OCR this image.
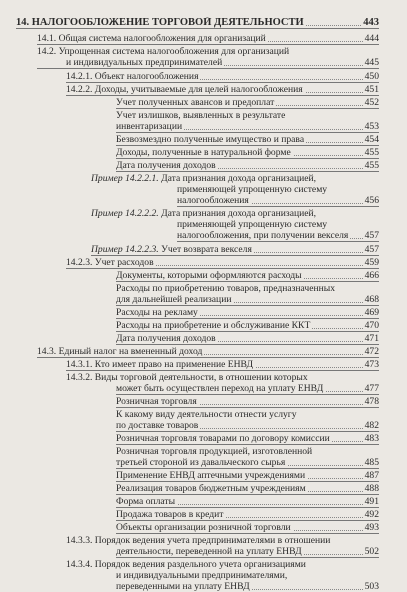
14. НАЛОГООБЛОЖЕНИЕ ТОРГОВОЙ ДЕЯТЕЛЬНОСТИ	443
14.1. Общая система налогообложения для организаций	444
14.2. Упрощенная система налогообложения для организаций
и индивидуальных предпринимателей	445
14.2.1. Объект налогообложения	450
14.2.2. Доходы, учитываемые для целей налогообложения	451
Учет полученных авансов и предоплат	452
Учет излишков, выявленных в результате
инвентаризации	453
Безвозмездно полученные имущество и права	454
Доходы, полученные в натуральной форме	455
Дата получения доходов	455
Пример 14.2.2.1. Дата признания дохода организацией,
применяющей упрощенную систему
налогообложения	456
Пример 14.2.2.2. Дата признания дохода организацией,
применяющей упрощенную систему
налогообложения, при получении векселя 457
Пример 14.2.2.3. Учет возврата векселя	457
14.2.3. Учет расходов	459
Документы, которыми оформляются расходы	466
Расходы по приобретению товаров, предназначенных
для дальнейшей реализации	468
Расходы на рекламу	469
Расходы на приобретение и обслуживание ККТ	470
Дата получения доходов	471
14.3. Единый налог на вмененный доход	472
14.3.1. Кто имеет право на применение ЕНВД	473
14.3.2. Виды торговой деятельности, в отношении которых
может быть осуществлен переход на уплату ЕНВД	477
Розничная торговля	478
К какому виду деятельности отнести услугу
по доставке товаров	482
Розничная торговля товарами по договору комиссии	483
Розничная торговля продукцией, изготовленной
третьей стороной из давальческого сырья	485
Применение ЕНВД аптечными учреждениями	487
Реализация товаров бюджетным учреждениям	488
Форма оплаты	491
Продажа товаров в кредит	492
Объекты организации розничной торговли	493
14.3.3. Порядок ведения учета предпринимателями в отношении
деятельности, переведенной на уплату ЕНВД	502
14.3.4. Порядок ведения раздельного учета организациями
и индивидуальными предпринимателями,
переведенными на уплату ЕНВД	503
